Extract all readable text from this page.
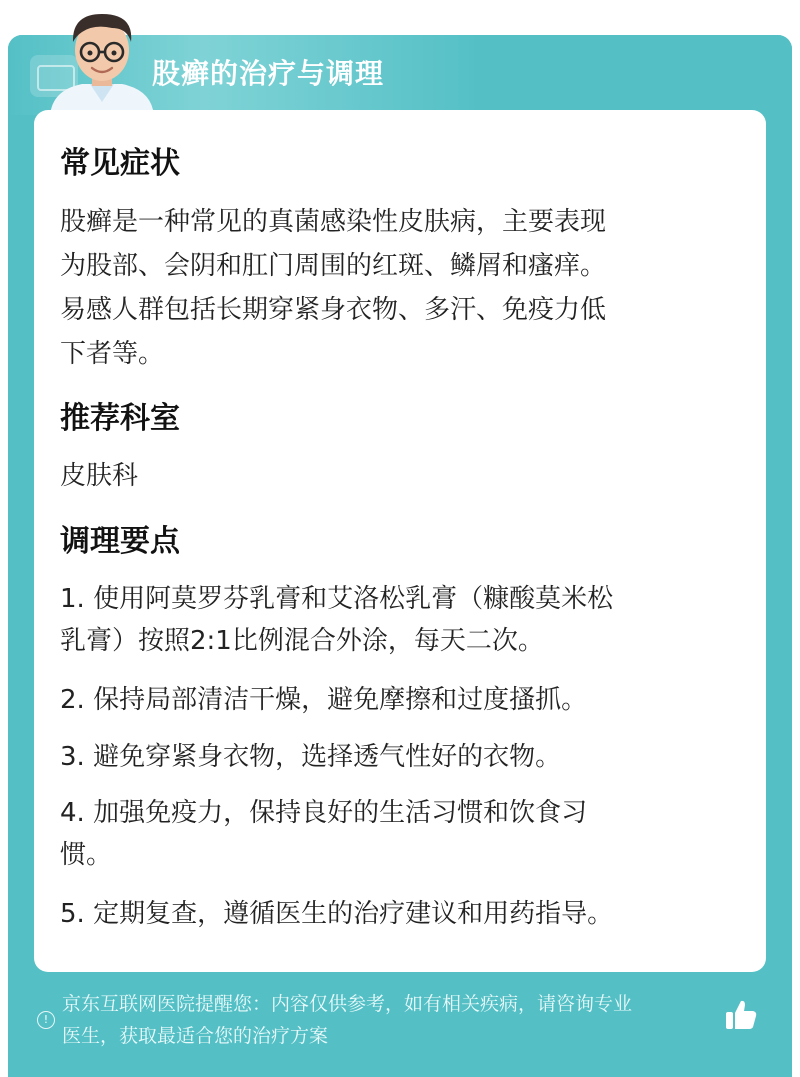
股癣的治疗与调理
常见症状
股癣是一种常见的真菌感染性皮肤病，主要表现
为股部、会阴和肛门周围的红斑、鳞屑和瘙痒。
易感人群包括长期穿紧身衣物、多汗、免疫力低
下者等。
推荐科室
皮肤科
调理要点
1. 使用阿莫罗芬乳膏和艾洛松乳膏（糠酸莫米松
乳膏）按照2:1比例混合外涂，每天二次。
2. 保持局部清洁干燥，避免摩擦和过度搔抓。
3. 避免穿紧身衣物，选择透气性好的衣物。
4. 加强免疫力，保持良好的生活习惯和饮食习
惯。
5. 定期复查，遵循医生的治疗建议和用药指导。
!
京东互联网医院提醒您：内容仅供参考，如有相关疾病，请咨询专业
医生，获取最适合您的治疗方案
